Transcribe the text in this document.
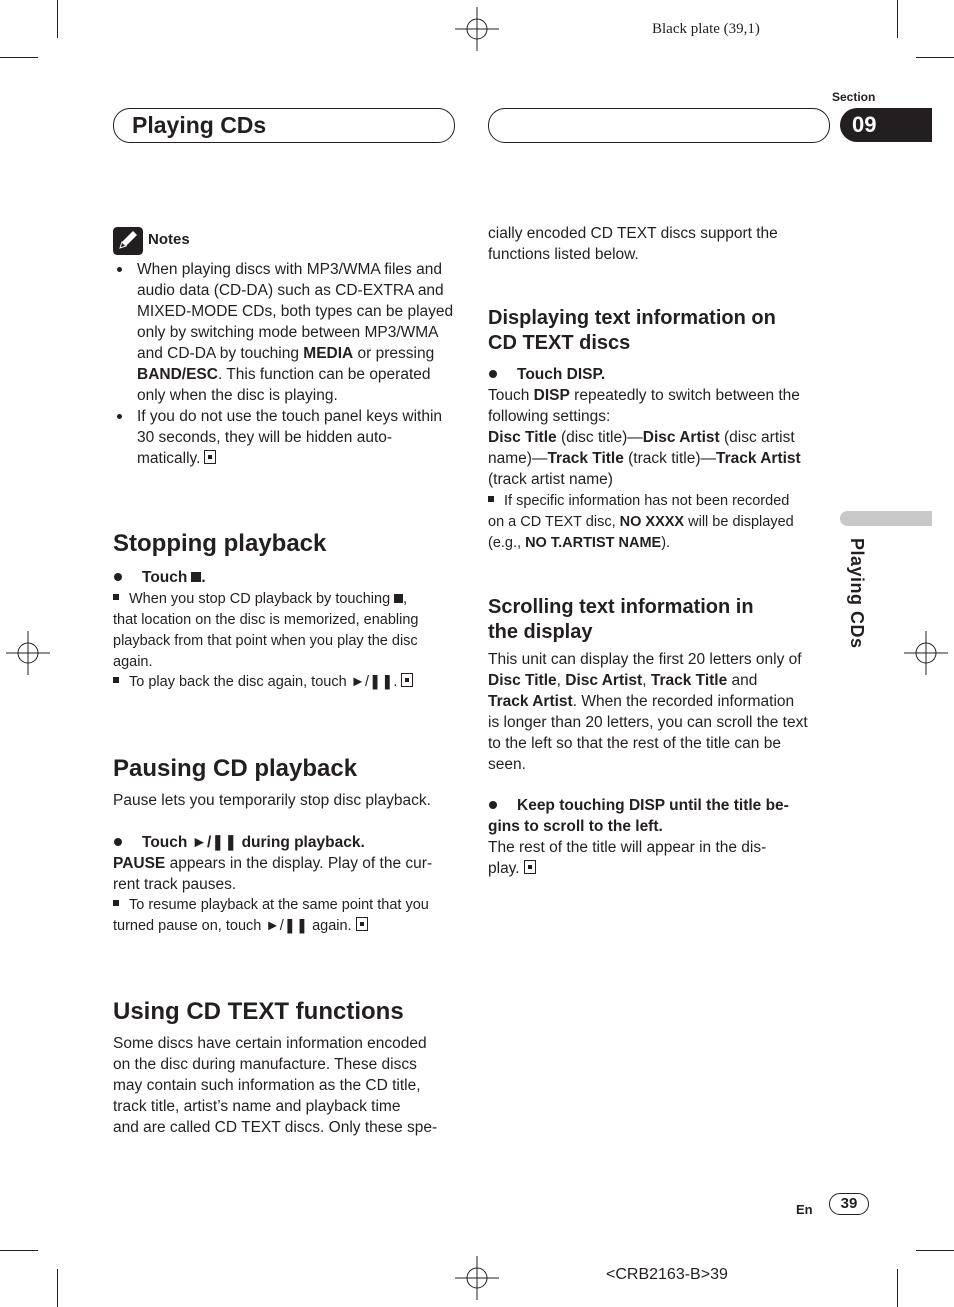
Black plate (39,1)
Playing CDs
Section
09
Playing CDs
Notes
When playing discs with MP3/WMA files and
audio data (CD-DA) such as CD-EXTRA and
MIXED-MODE CDs, both types can be played
only by switching mode between MP3/WMA
and CD-DA by touching MEDIA or pressing
BAND/ESC. This function can be operated
only when the disc is playing.
If you do not use the touch panel keys within
30 seconds, they will be hidden auto-
matically.
Stopping playback
Touch .
When you stop CD playback by touching ,
that location on the disc is memorized, enabling
playback from that point when you play the disc
again.
To play back the disc again, touch ►/❚❚.
Pausing CD playback
Pause lets you temporarily stop disc playback.
Touch ►/❚❚ during playback.
PAUSE appears in the display. Play of the cur-
rent track pauses.
To resume playback at the same point that you
turned pause on, touch ►/❚❚ again.
Using CD TEXT functions
Some discs have certain information encoded
on the disc during manufacture. These discs
may contain such information as the CD title,
track title, artist’s name and playback time
and are called CD TEXT discs. Only these spe-
cially encoded CD TEXT discs support the
functions listed below.
Displaying text information on
CD TEXT discs
Touch DISP.
Touch DISP repeatedly to switch between the
following settings:
Disc Title (disc title)—Disc Artist (disc artist
name)—Track Title (track title)—Track Artist
(track artist name)
If specific information has not been recorded
on a CD TEXT disc, NO XXXX will be displayed
(e.g., NO T.ARTIST NAME).
Scrolling text information in
the display
This unit can display the first 20 letters only of
Disc Title, Disc Artist, Track Title and
Track Artist. When the recorded information
is longer than 20 letters, you can scroll the text
to the left so that the rest of the title can be
seen.
Keep touching DISP until the title be-
gins to scroll to the left.
The rest of the title will appear in the dis-
play.
En	39
<CRB2163-B>39
